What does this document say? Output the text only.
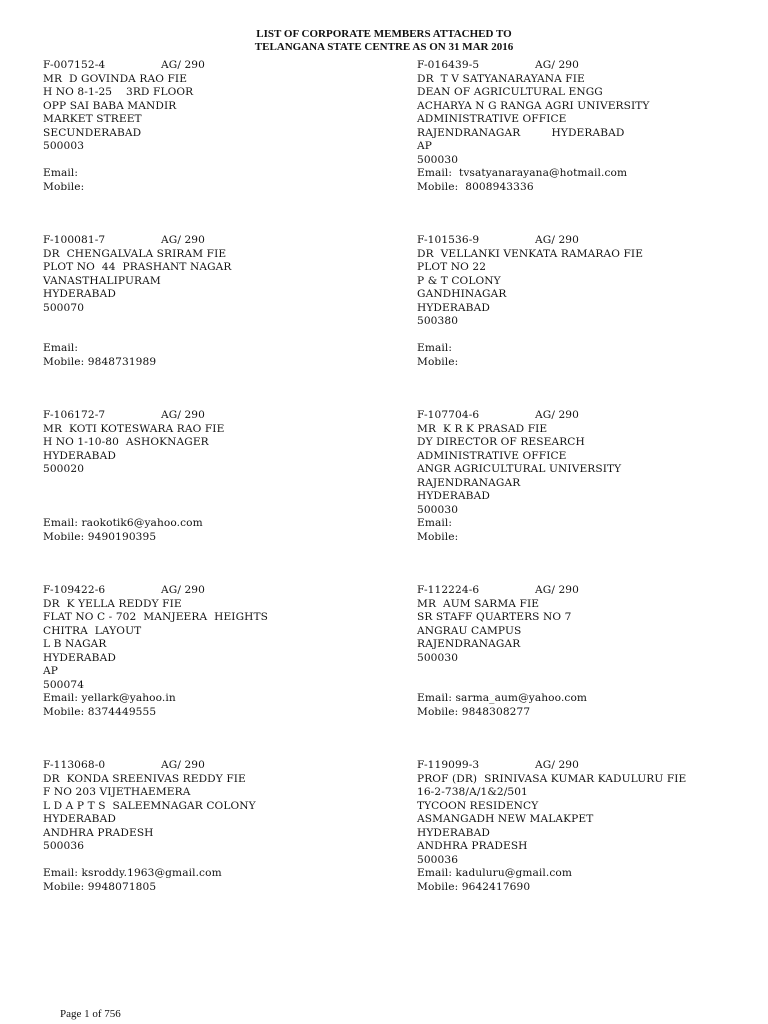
LIST OF CORPORATE MEMBERS ATTACHED TO
TELANGANA STATE CENTRE AS ON 31 MAR 2016
F-007152-4	AG/ 290
MR  D GOVINDA RAO FIE
H NO 8-1-25    3RD FLOOR
OPP SAI BABA MANDIR
MARKET STREET
SECUNDERABAD
500003
Email:
Mobile:
F-016439-5	AG/ 290
DR  T V SATYANARAYANA FIE
DEAN OF AGRICULTURAL ENGG
ACHARYA N G RANGA AGRI UNIVERSITY
ADMINISTRATIVE OFFICE
RAJENDRANAGAR         HYDERABAD
AP
500030
Email:  tvsatyanarayana@hotmail.com
Mobile:  8008943336
F-100081-7	AG/ 290
DR  CHENGALVALA SRIRAM FIE
PLOT NO  44  PRASHANT NAGAR
VANASTHALIPURAM
HYDERABAD
500070
Email:
Mobile: 9848731989
F-101536-9	AG/ 290
DR  VELLANKI VENKATA RAMARAO FIE
PLOT NO 22
P & T COLONY
GANDHINAGAR
HYDERABAD
500380
Email:
Mobile:
F-106172-7	AG/ 290
MR  KOTI KOTESWARA RAO FIE
H NO 1-10-80  ASHOKNAGER
HYDERABAD
500020
Email: raokotik6@yahoo.com
Mobile: 9490190395
F-107704-6	AG/ 290
MR  K R K PRASAD FIE
DY DIRECTOR OF RESEARCH
ADMINISTRATIVE OFFICE
ANGR AGRICULTURAL UNIVERSITY
RAJENDRANAGAR
HYDERABAD
500030
Email:
Mobile:
F-109422-6	AG/ 290
DR  K YELLA REDDY FIE
FLAT NO C - 702  MANJEERA  HEIGHTS
CHITRA  LAYOUT
L B NAGAR
HYDERABAD
AP
500074
Email: yellark@yahoo.in
Mobile: 8374449555
F-112224-6	AG/ 290
MR  AUM SARMA FIE
SR STAFF QUARTERS NO 7
ANGRAU CAMPUS
RAJENDRANAGAR
500030
Email: sarma_aum@yahoo.com
Mobile: 9848308277
F-113068-0	AG/ 290
DR  KONDA SREENIVAS REDDY FIE
F NO 203 VIJETHAEMERA
L D A P T S  SALEEMNAGAR COLONY
HYDERABAD
ANDHRA PRADESH
500036
Email: ksroddy.1963@gmail.com
Mobile: 9948071805
F-119099-3	AG/ 290
PROF (DR)  SRINIVASA KUMAR KADULURU FIE
16-2-738/A/1&2/501
TYCOON RESIDENCY
ASMANGADH NEW MALAKPET
HYDERABAD
ANDHRA PRADESH
500036
Email: kaduluru@gmail.com
Mobile: 9642417690
Page 1 of 756
